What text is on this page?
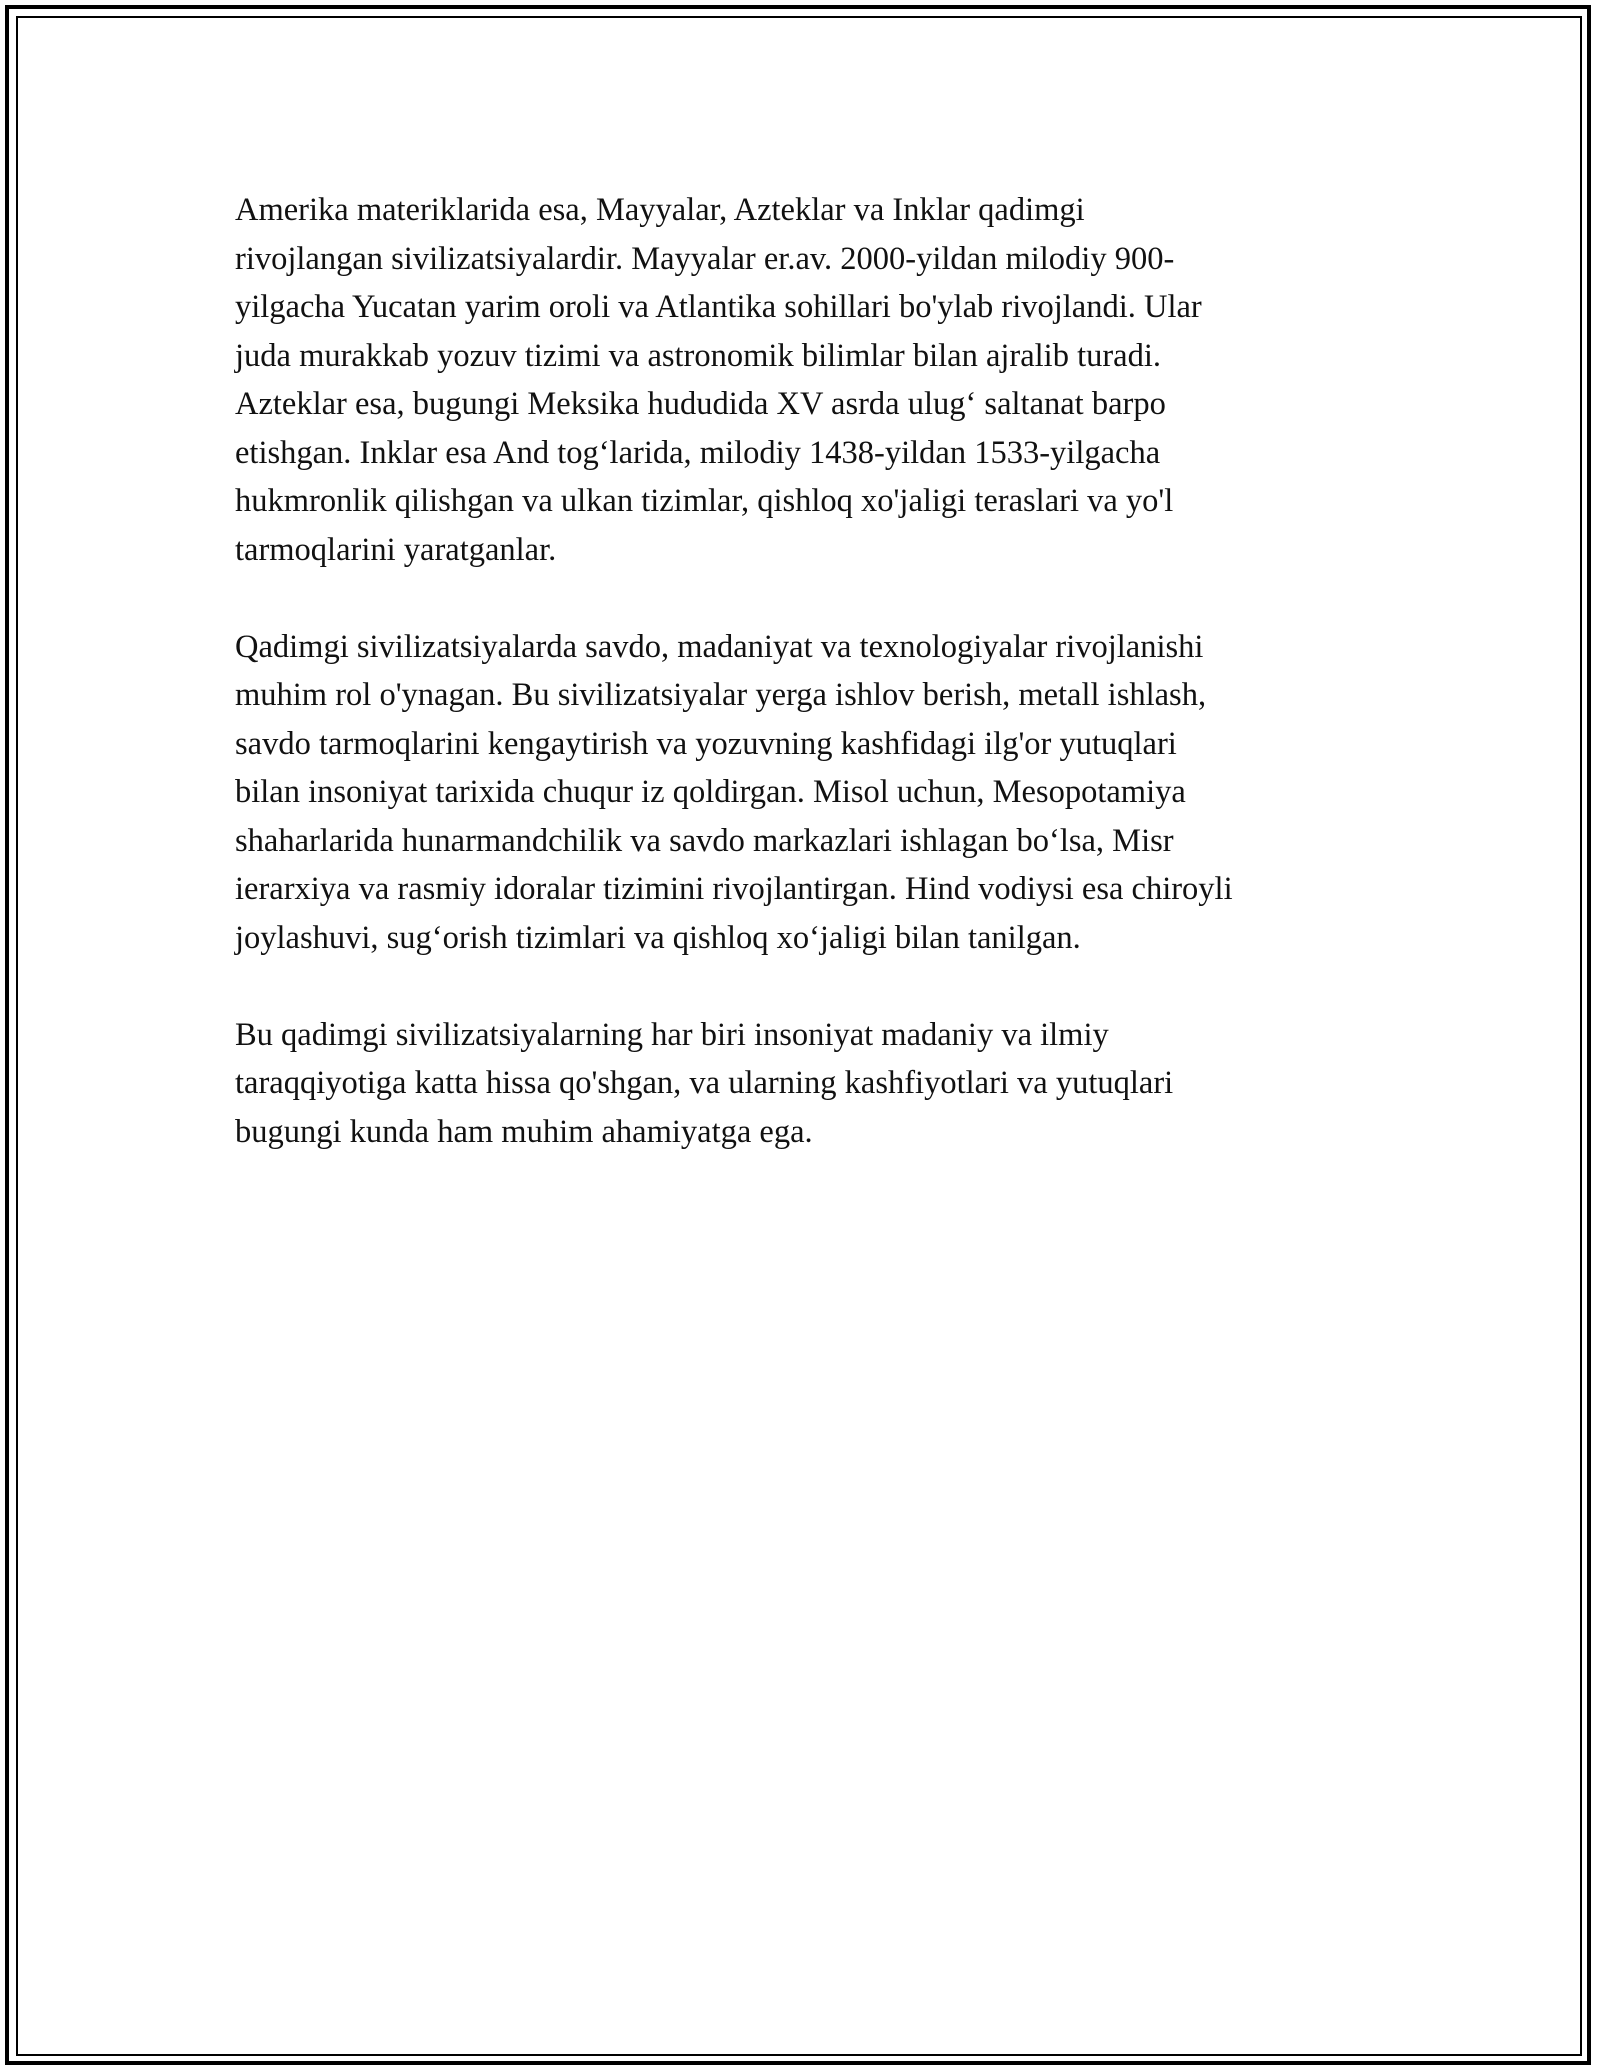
Amerika materiklarida esa, Mayyalar, Azteklar va Inklar qadimgi
rivojlangan sivilizatsiyalardir. Mayyalar er.av. 2000-yildan milodiy 900-
yilgacha Yucatan yarim oroli va Atlantika sohillari bo'ylab rivojlandi. Ular
juda murakkab yozuv tizimi va astronomik bilimlar bilan ajralib turadi.
Azteklar esa, bugungi Meksika hududida XV asrda ulug‘ saltanat barpo
etishgan. Inklar esa And tog‘larida, milodiy 1438-yildan 1533-yilgacha
hukmronlik qilishgan va ulkan tizimlar, qishloq xo'jaligi teraslari va yo'l
tarmoqlarini yaratganlar.

Qadimgi sivilizatsiyalarda savdo, madaniyat va texnologiyalar rivojlanishi
muhim rol o'ynagan. Bu sivilizatsiyalar yerga ishlov berish, metall ishlash,
savdo tarmoqlarini kengaytirish va yozuvning kashfidagi ilg'or yutuqlari
bilan insoniyat tarixida chuqur iz qoldirgan. Misol uchun, Mesopotamiya
shaharlarida hunarmandchilik va savdo markazlari ishlagan bo‘lsa, Misr
ierarxiya va rasmiy idoralar tizimini rivojlantirgan. Hind vodiysi esa chiroyli
joylashuvi, sug‘orish tizimlari va qishloq xo‘jaligi bilan tanilgan.

Bu qadimgi sivilizatsiyalarning har biri insoniyat madaniy va ilmiy
taraqqiyotiga katta hissa qo'shgan, va ularning kashfiyotlari va yutuqlari
bugungi kunda ham muhim ahamiyatga ega.
